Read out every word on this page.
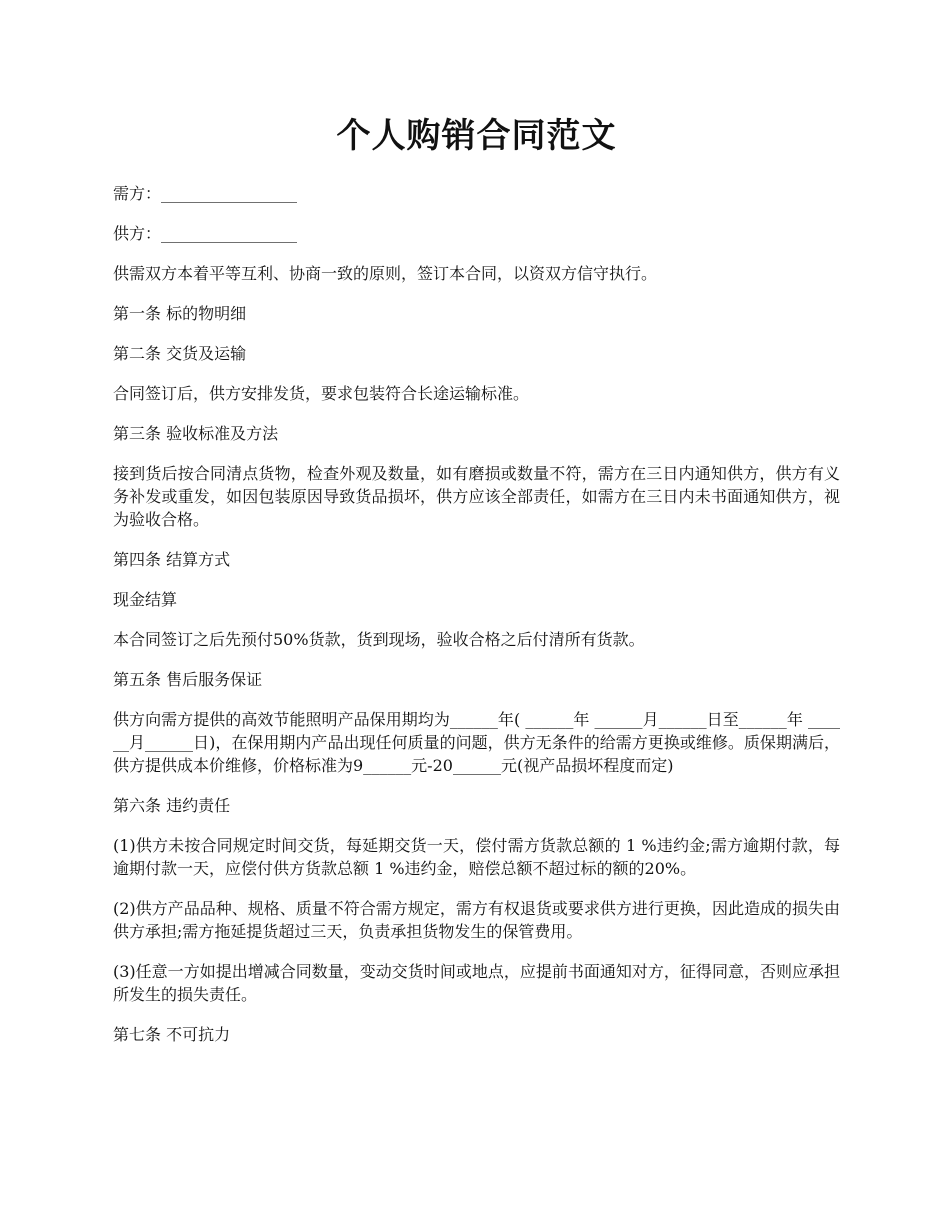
个人购销合同范文

需方：_________________

供方：_________________

供需双方本着平等互利、协商一致的原则，签订本合同，以资双方信守执行。

第一条 标的物明细

第二条 交货及运输

合同签订后，供方安排发货，要求包装符合长途运输标准。

第三条 验收标准及方法

接到货后按合同清点货物，检查外观及数量，如有磨损或数量不符，需方在三日内通知供方，供方有义务补发或重发，如因包装原因导致货品损坏，供方应该全部责任，如需方在三日内未书面通知供方，视为验收合格。

第四条 结算方式

现金结算

本合同签订之后先预付50%货款，货到现场，验收合格之后付清所有货款。

第五条 售后服务保证

供方向需方提供的高效节能照明产品保用期均为______年( ______年 ______月______日至______年 ______月______日)，在保用期内产品出现任何质量的问题，供方无条件的给需方更换或维修。质保期满后，供方提供成本价维修，价格标准为9______元-20______元(视产品损坏程度而定)

第六条 违约责任

(1)供方未按合同规定时间交货，每延期交货一天，偿付需方货款总额的 1 %违约金;需方逾期付款，每逾期付款一天，应偿付供方货款总额 1 %违约金，赔偿总额不超过标的额的20%。

(2)供方产品品种、规格、质量不符合需方规定，需方有权退货或要求供方进行更换，因此造成的损失由供方承担;需方拖延提货超过三天，负责承担货物发生的保管费用。

(3)任意一方如提出增减合同数量，变动交货时间或地点，应提前书面通知对方，征得同意，否则应承担所发生的损失责任。

第七条 不可抗力
